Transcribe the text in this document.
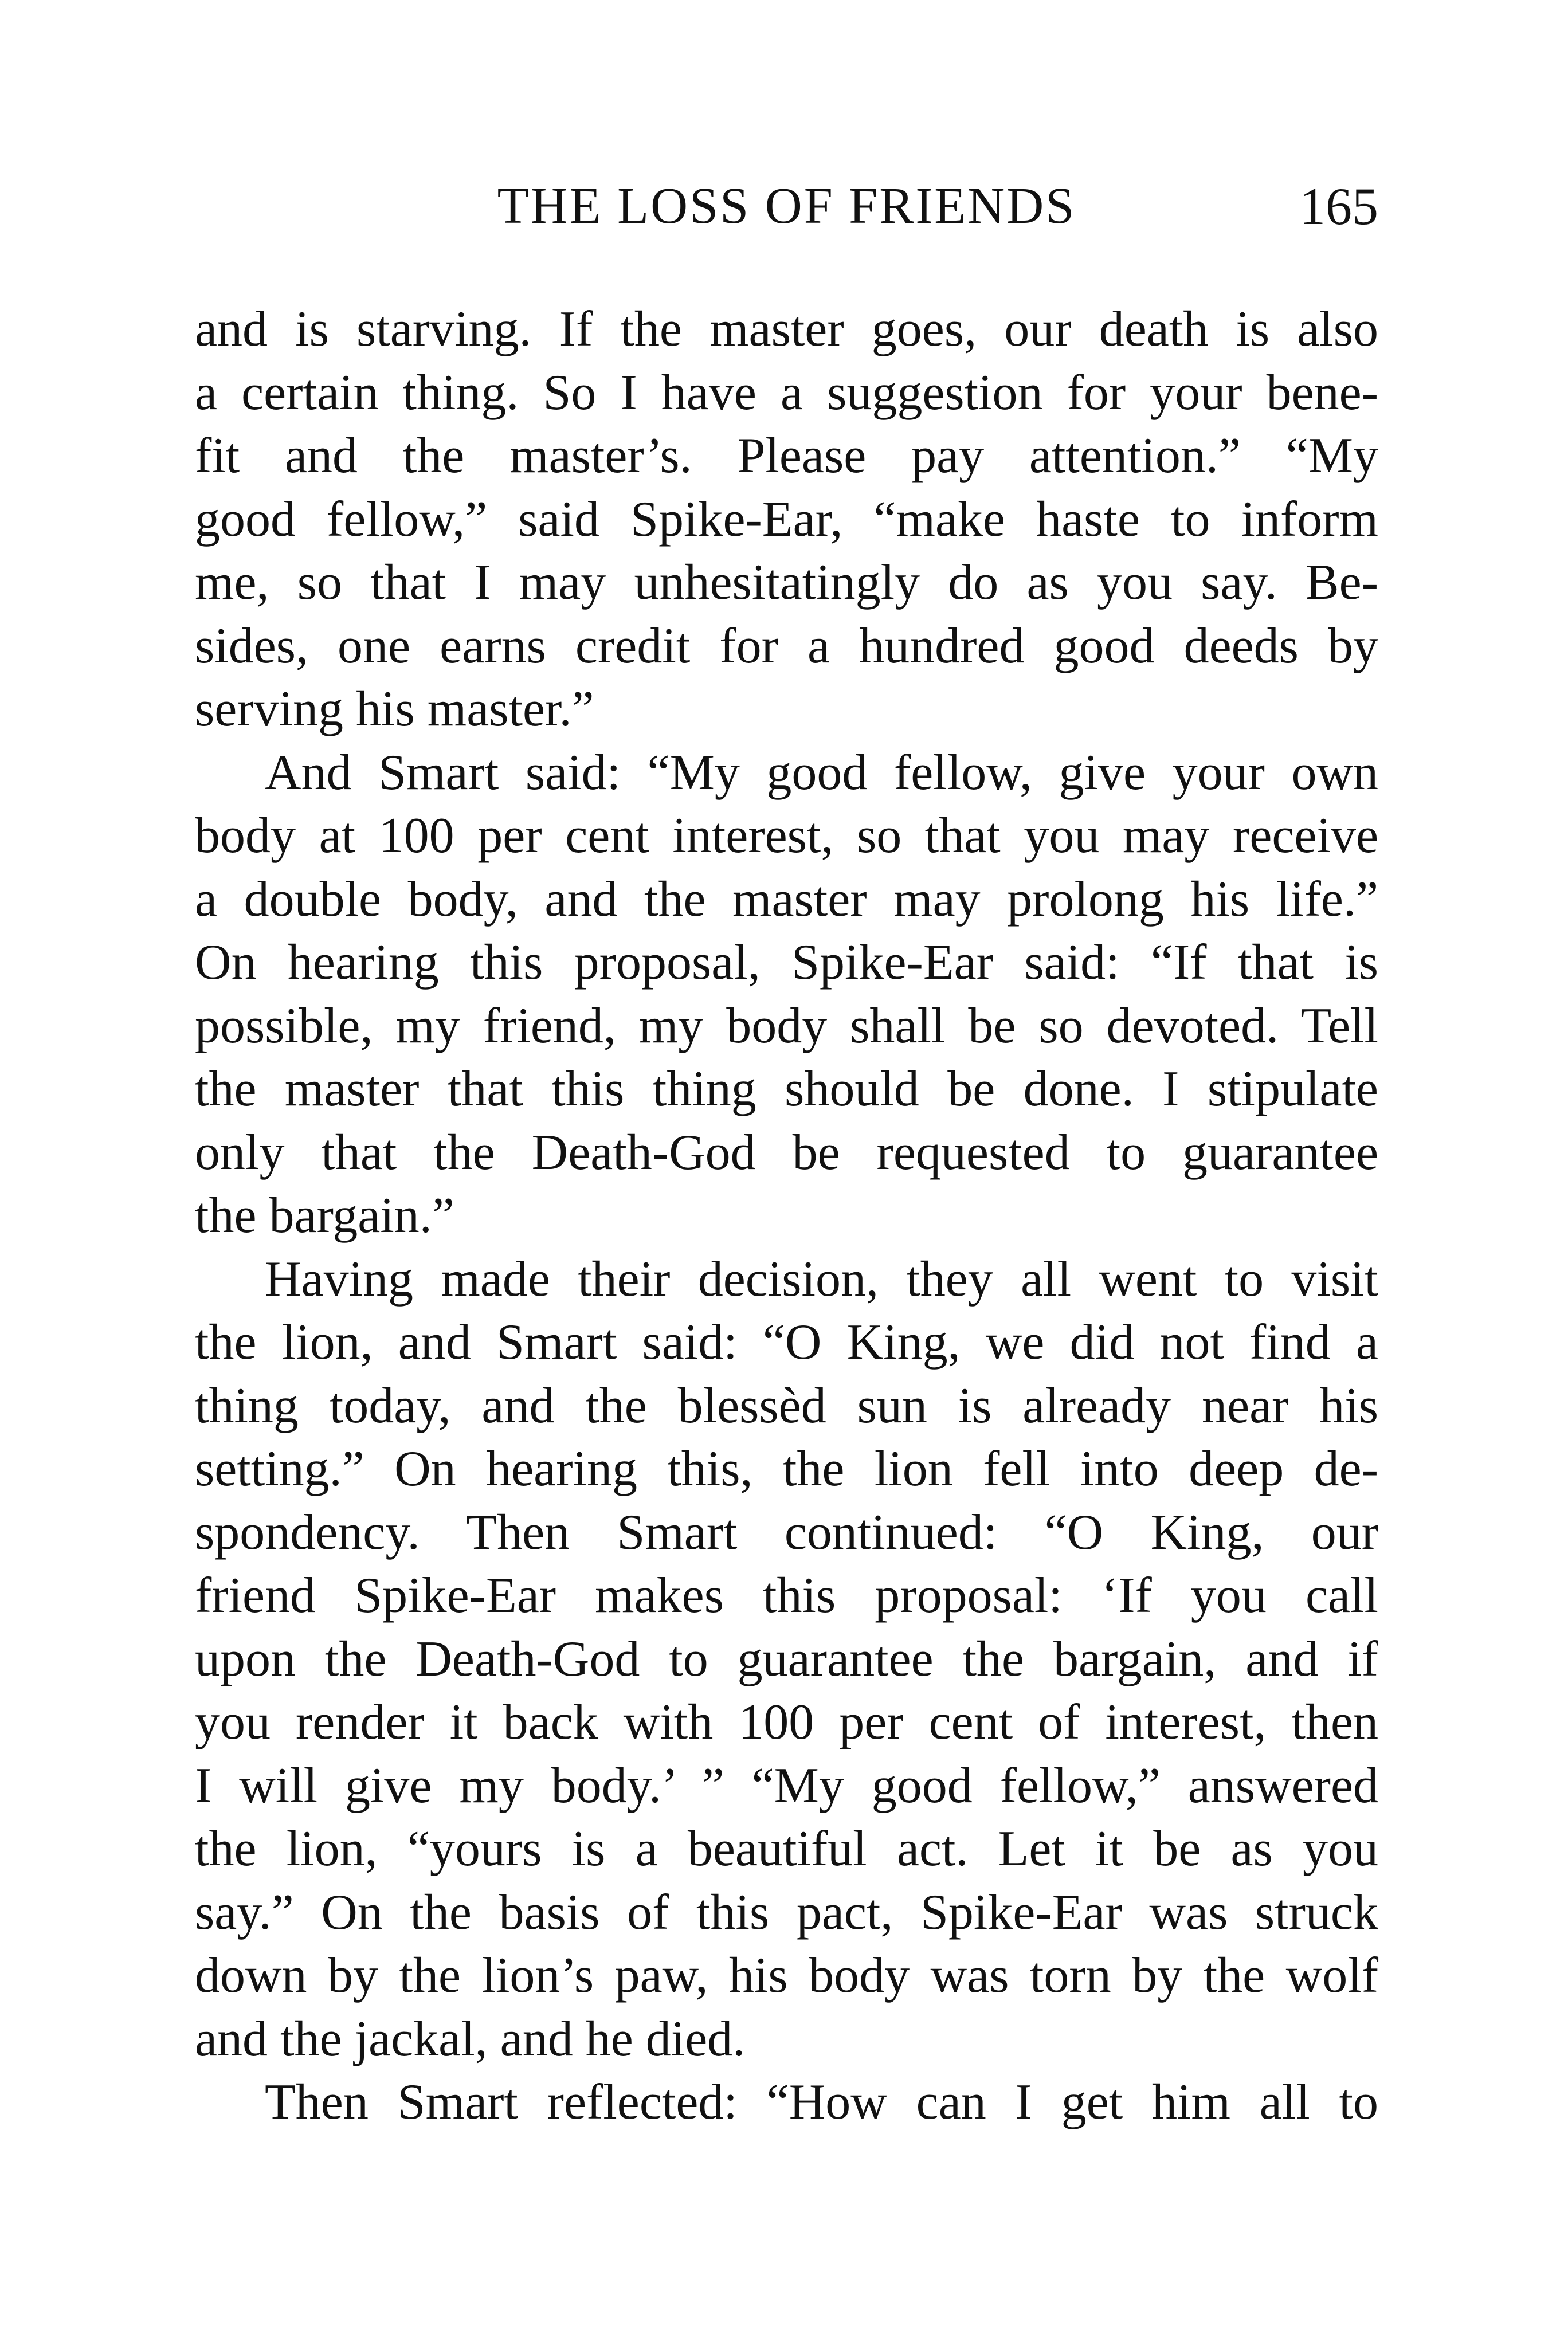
THE LOSS OF FRIENDS	165
and is starving. If the master goes, our death is also
a certain thing. So I have a suggestion for your bene-
fit and the master’s. Please pay attention.” “My
good fellow,” said Spike-Ear, “make haste to inform
me, so that I may unhesitatingly do as you say. Be-
sides, one earns credit for a hundred good deeds by
serving his master.”
And Smart said: “My good fellow, give your own
body at 100 per cent interest, so that you may receive
a double body, and the master may prolong his life.”
On hearing this proposal, Spike-Ear said: “If that is
possible, my friend, my body shall be so devoted. Tell
the master that this thing should be done. I stipulate
only that the Death-God be requested to guarantee
the bargain.”
Having made their decision, they all went to visit
the lion, and Smart said: “O King, we did not find a
thing today, and the blessèd sun is already near his
setting.” On hearing this, the lion fell into deep de-
spondency. Then Smart continued: “O King, our
friend Spike-Ear makes this proposal: ‘If you call
upon the Death-God to guarantee the bargain, and if
you render it back with 100 per cent of interest, then
I will give my body.’ ” “My good fellow,” answered
the lion, “yours is a beautiful act. Let it be as you
say.” On the basis of this pact, Spike-Ear was struck
down by the lion’s paw, his body was torn by the wolf
and the jackal, and he died.
Then Smart reflected: “How can I get him all to
